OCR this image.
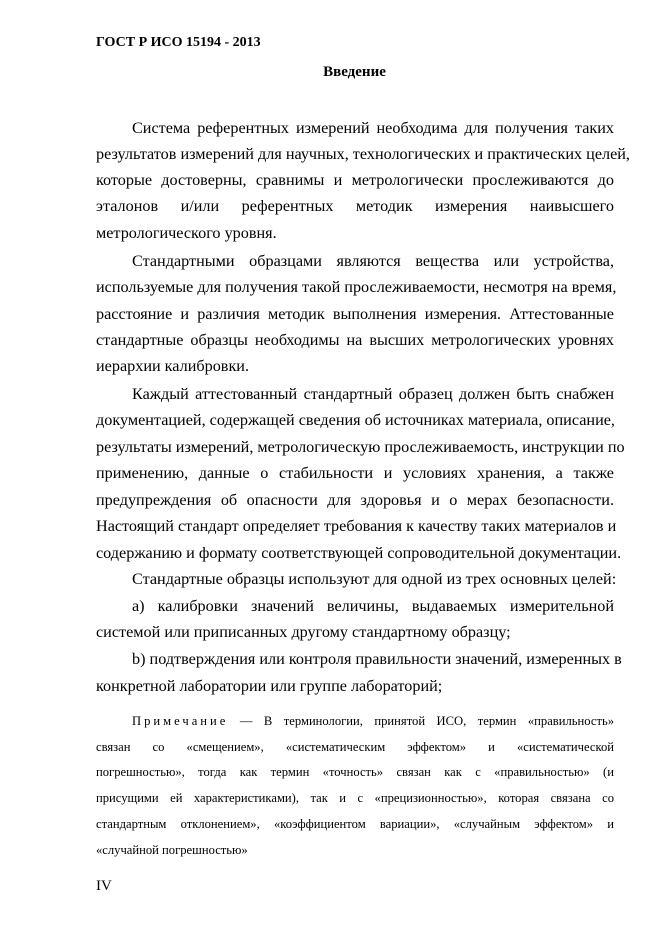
ГОСТ Р ИСО 15194 - 2013
Введение
Система референтных измерений необходима для получения таких
результатов измерений для научных, технологических и практических целей,
которые достоверны, сравнимы и метрологически прослеживаются до
эталонов и/или референтных методик измерения наивысшего
метрологического уровня.
Стандартными образцами являются вещества или устройства,
используемые для получения такой прослеживаемости, несмотря на время,
расстояние и различия методик выполнения измерения. Аттестованные
стандартные образцы необходимы на высших метрологических уровнях
иерархии калибровки.
Каждый аттестованный стандартный образец должен быть снабжен
документацией, содержащей сведения об источниках материала, описание,
результаты измерений, метрологическую прослеживаемость, инструкции по
применению, данные о стабильности и условиях хранения, а также
предупреждения об опасности для здоровья и о мерах безопасности.
Настоящий стандарт определяет требования к качеству таких материалов и
содержанию и формату соответствующей сопроводительной документации.
Стандартные образцы используют для одной из трех основных целей:
а) калибровки значений величины, выдаваемых измерительной
системой или приписанных другому стандартному образцу;
b) подтверждения или контроля правильности значений, измеренных в
конкретной лаборатории или группе лабораторий;
Примечание — В терминологии, принятой ИСО, термин «правильность»
связан со «смещением», «систематическим эффектом» и «систематической
погрешностью», тогда как термин «точность» связан как с «правильностью» (и
присущими ей характеристиками), так и с «прецизионностью», которая связана со
стандартным отклонением», «коэффициентом вариации», «случайным эффектом» и
«случайной погрешностью»
IV
